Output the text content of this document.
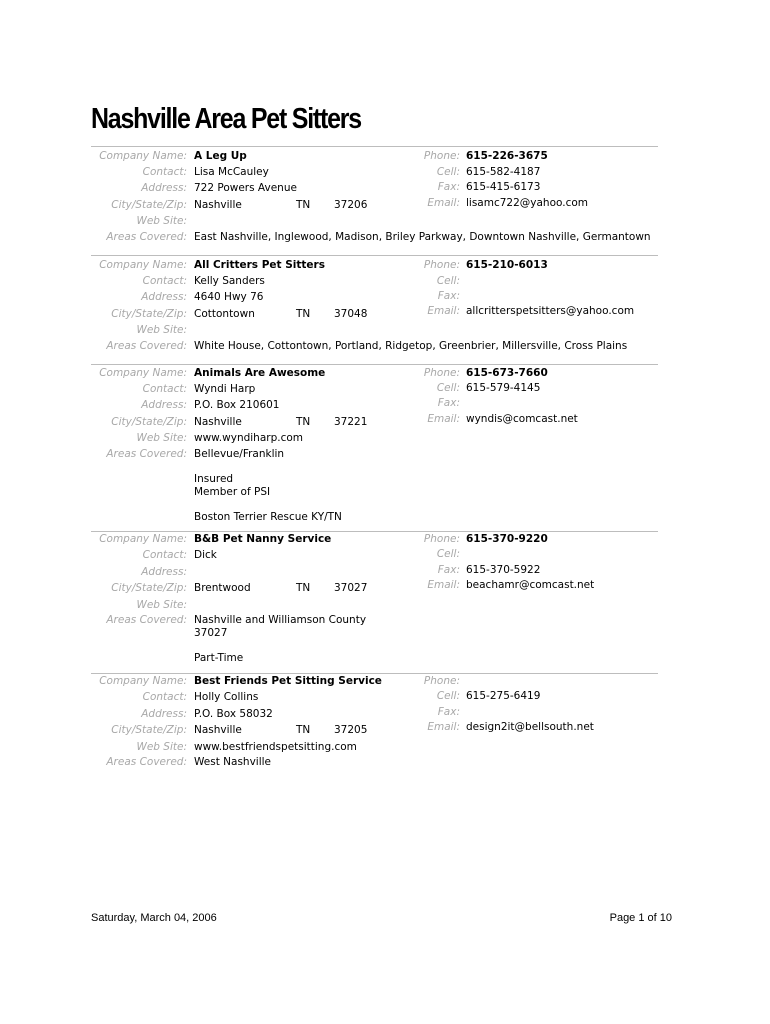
Nashville Area Pet Sitters
Company Name: A Leg Up
Contact: Lisa McCauley
Address: 722 Powers Avenue
City/State/Zip: Nashville	TN 37206
Web Site:
Areas Covered: East Nashville, Inglewood, Madison, Briley Parkway, Downtown Nashville, Germantown
Phone: 615-226-3675
Cell: 615-582-4187
Fax: 615-415-6173
Email: lisamc722@yahoo.com
Company Name: All Critters Pet Sitters
Contact: Kelly Sanders
Address: 4640 Hwy 76
City/State/Zip: Cottontown	TN 37048
Web Site:
Areas Covered: White House, Cottontown, Portland, Ridgetop, Greenbrier, Millersville, Cross Plains
Phone: 615-210-6013
Cell:
Fax:
Email: allcritterspetsitters@yahoo.com
Company Name: Animals Are Awesome
Contact: Wyndi Harp
Address: P.O. Box 210601
City/State/Zip: Nashville	TN 37221
Web Site: www.wyndiharp.com
Areas Covered: Bellevue/Franklin
Insured
Member of PSI
Boston Terrier Rescue KY/TN
Phone: 615-673-7660
Cell: 615-579-4145
Fax:
Email: wyndis@comcast.net
Company Name: B&B Pet Nanny Service
Contact: Dick
Address:
City/State/Zip: Brentwood	TN 37027
Web Site:
Areas Covered: Nashville and Williamson County
37027
Part-Time
Phone: 615-370-9220
Cell:
Fax: 615-370-5922
Email: beachamr@comcast.net
Company Name: Best Friends Pet Sitting Service
Contact: Holly Collins
Address: P.O. Box 58032
City/State/Zip: Nashville	TN 37205
Web Site: www.bestfriendspetsitting.com
Areas Covered: West Nashville
Phone:
Cell: 615-275-6419
Fax:
Email: design2it@bellsouth.net
Saturday, March 04, 2006	Page 1 of 10
